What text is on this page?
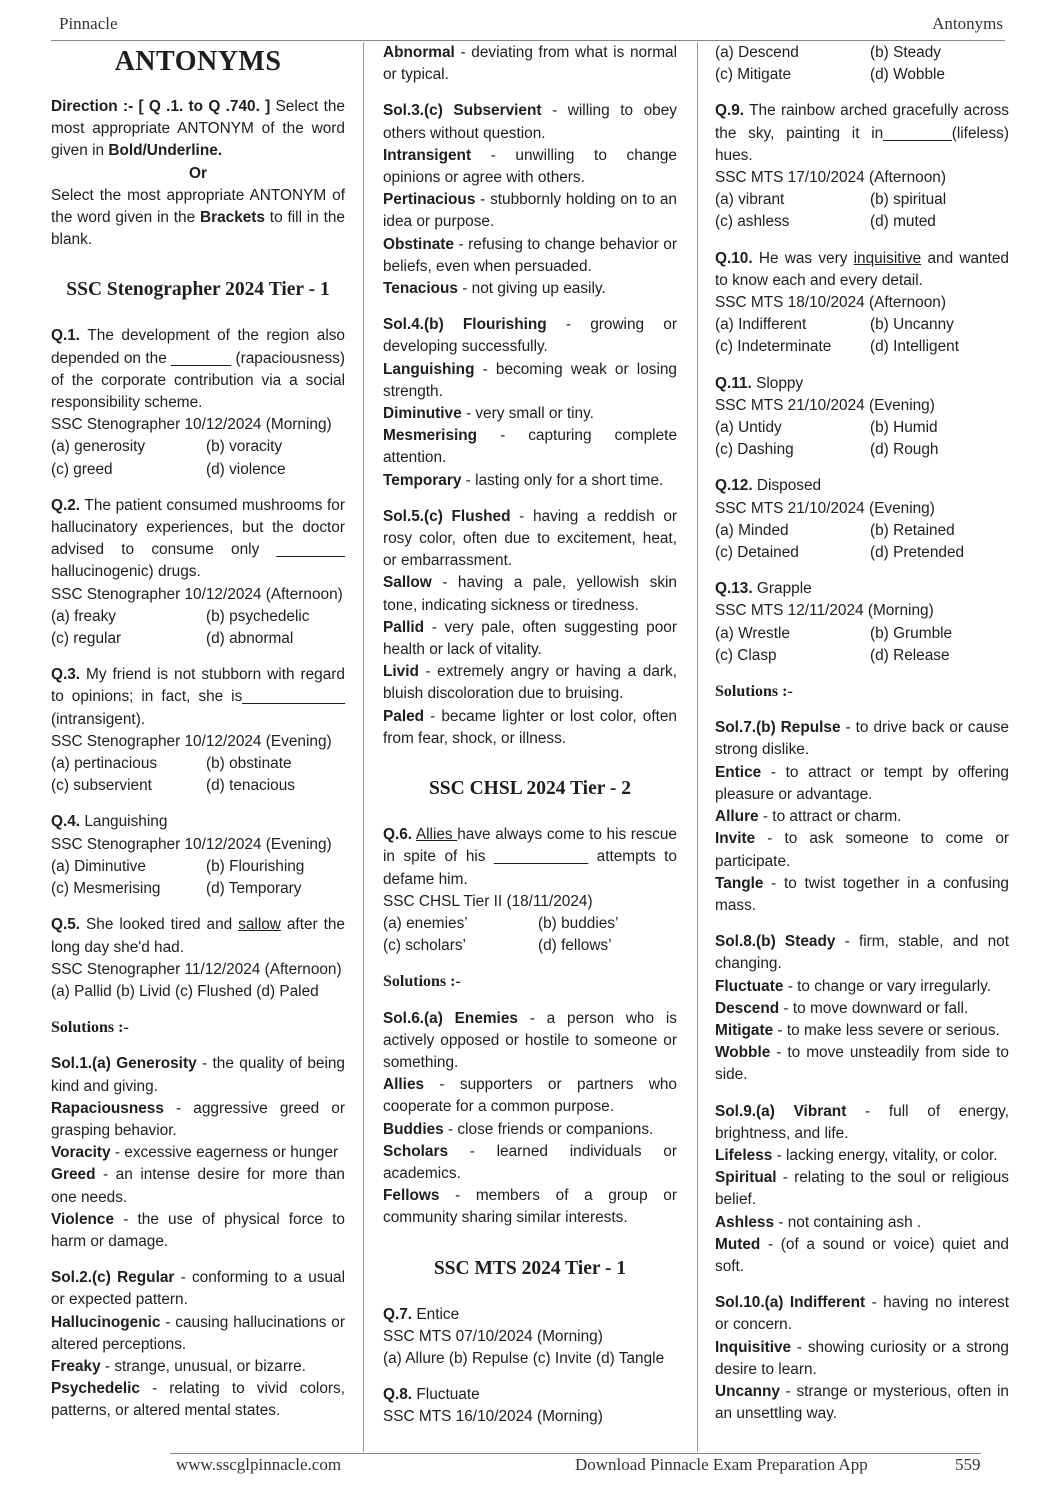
Pinnacle	Antonyms
ANTONYMS
Direction :- [ Q .1. to Q .740. ] Select the most appropriate ANTONYM of the word given in Bold/Underline.
Or
Select the most appropriate ANTONYM of the word given in the Brackets to fill in the blank.
SSC Stenographer 2024 Tier - 1
Q.1. The development of the region also depended on the _______ (rapaciousness) of the corporate contribution via a social responsibility scheme.
SSC Stenographer 10/12/2024 (Morning)
(a) generosity	(b) voracity
(c) greed	(d) violence
Q.2. The patient consumed mushrooms for hallucinatory experiences, but the doctor advised to consume only ________ hallucinogenic) drugs.
SSC Stenographer 10/12/2024 (Afternoon)
(a) freaky	(b) psychedelic
(c) regular	(d) abnormal
Q.3. My friend is not stubborn with regard to opinions; in fact, she is____________ (intransigent).
SSC Stenographer 10/12/2024 (Evening)
(a) pertinacious	(b) obstinate
(c) subservient	(d) tenacious
Q.4. Languishing
SSC Stenographer 10/12/2024 (Evening)
(a) Diminutive	(b) Flourishing
(c) Mesmerising	(d) Temporary
Q.5. She looked tired and sallow after the long day she'd had.
SSC Stenographer 11/12/2024 (Afternoon)
(a) Pallid (b) Livid (c) Flushed (d) Paled
Solutions :-
Sol.1.(a) Generosity - the quality of being kind and giving.
Rapaciousness - aggressive greed or grasping behavior.
Voracity - excessive eagerness or hunger
Greed - an intense desire for more than one needs.
Violence - the use of physical force to harm or damage.
Sol.2.(c) Regular - conforming to a usual or expected pattern.
Hallucinogenic - causing hallucinations or altered perceptions.
Freaky - strange, unusual, or bizarre.
Psychedelic - relating to vivid colors, patterns, or altered mental states.
Abnormal - deviating from what is normal or typical.
Sol.3.(c) Subservient - willing to obey others without question.
Intransigent - unwilling to change opinions or agree with others.
Pertinacious - stubbornly holding on to an idea or purpose.
Obstinate - refusing to change behavior or beliefs, even when persuaded.
Tenacious - not giving up easily.
Sol.4.(b) Flourishing - growing or developing successfully.
Languishing - becoming weak or losing strength.
Diminutive - very small or tiny.
Mesmerising - capturing complete attention.
Temporary - lasting only for a short time.
Sol.5.(c) Flushed - having a reddish or rosy color, often due to excitement, heat, or embarrassment.
Sallow - having a pale, yellowish skin tone, indicating sickness or tiredness.
Pallid - very pale, often suggesting poor health or lack of vitality.
Livid - extremely angry or having a dark, bluish discoloration due to bruising.
Paled - became lighter or lost color, often from fear, shock, or illness.
SSC CHSL 2024 Tier - 2
Q.6. Allies have always come to his rescue in spite of his ___________ attempts to defame him.
SSC CHSL Tier II (18/11/2024)
(a) enemies’	(b) buddies’
(c) scholars’	(d) fellows’
Solutions :-
Sol.6.(a) Enemies - a person who is actively opposed or hostile to someone or something.
Allies - supporters or partners who cooperate for a common purpose.
Buddies - close friends or companions.
Scholars - learned individuals or academics.
Fellows - members of a group or community sharing similar interests.
SSC MTS 2024 Tier - 1
Q.7. Entice
SSC MTS 07/10/2024 (Morning)
(a) Allure (b) Repulse (c) Invite (d) Tangle
Q.8. Fluctuate
SSC MTS 16/10/2024 (Morning)
(a) Descend	(b) Steady
(c) Mitigate	(d) Wobble
Q.9. The rainbow arched gracefully across the sky, painting it in________(lifeless) hues.
SSC MTS 17/10/2024 (Afternoon)
(a) vibrant	(b) spiritual
(c) ashless	(d) muted
Q.10. He was very inquisitive and wanted to know each and every detail.
SSC MTS 18/10/2024 (Afternoon)
(a) Indifferent	(b) Uncanny
(c) Indeterminate	(d) Intelligent
Q.11. Sloppy
SSC MTS 21/10/2024 (Evening)
(a) Untidy	(b) Humid
(c) Dashing	(d) Rough
Q.12. Disposed
SSC MTS 21/10/2024 (Evening)
(a) Minded	(b) Retained
(c) Detained	(d) Pretended
Q.13. Grapple
SSC MTS 12/11/2024 (Morning)
(a) Wrestle	(b) Grumble
(c) Clasp	(d) Release
Solutions :-
Sol.7.(b) Repulse - to drive back or cause strong dislike.
Entice - to attract or tempt by offering pleasure or advantage.
Allure - to attract or charm.
Invite - to ask someone to come or participate.
Tangle - to twist together in a confusing mass.
Sol.8.(b) Steady - firm, stable, and not changing.
Fluctuate - to change or vary irregularly.
Descend - to move downward or fall.
Mitigate - to make less severe or serious.
Wobble - to move unsteadily from side to side.
Sol.9.(a) Vibrant - full of energy, brightness, and life.
Lifeless - lacking energy, vitality, or color.
Spiritual - relating to the soul or religious belief.
Ashless - not containing ash .
Muted - (of a sound or voice) quiet and soft.
Sol.10.(a) Indifferent - having no interest or concern.
Inquisitive - showing curiosity or a strong desire to learn.
Uncanny - strange or mysterious, often in an unsettling way.
www.sscglpinnacle.com	Download Pinnacle Exam Preparation App	559
